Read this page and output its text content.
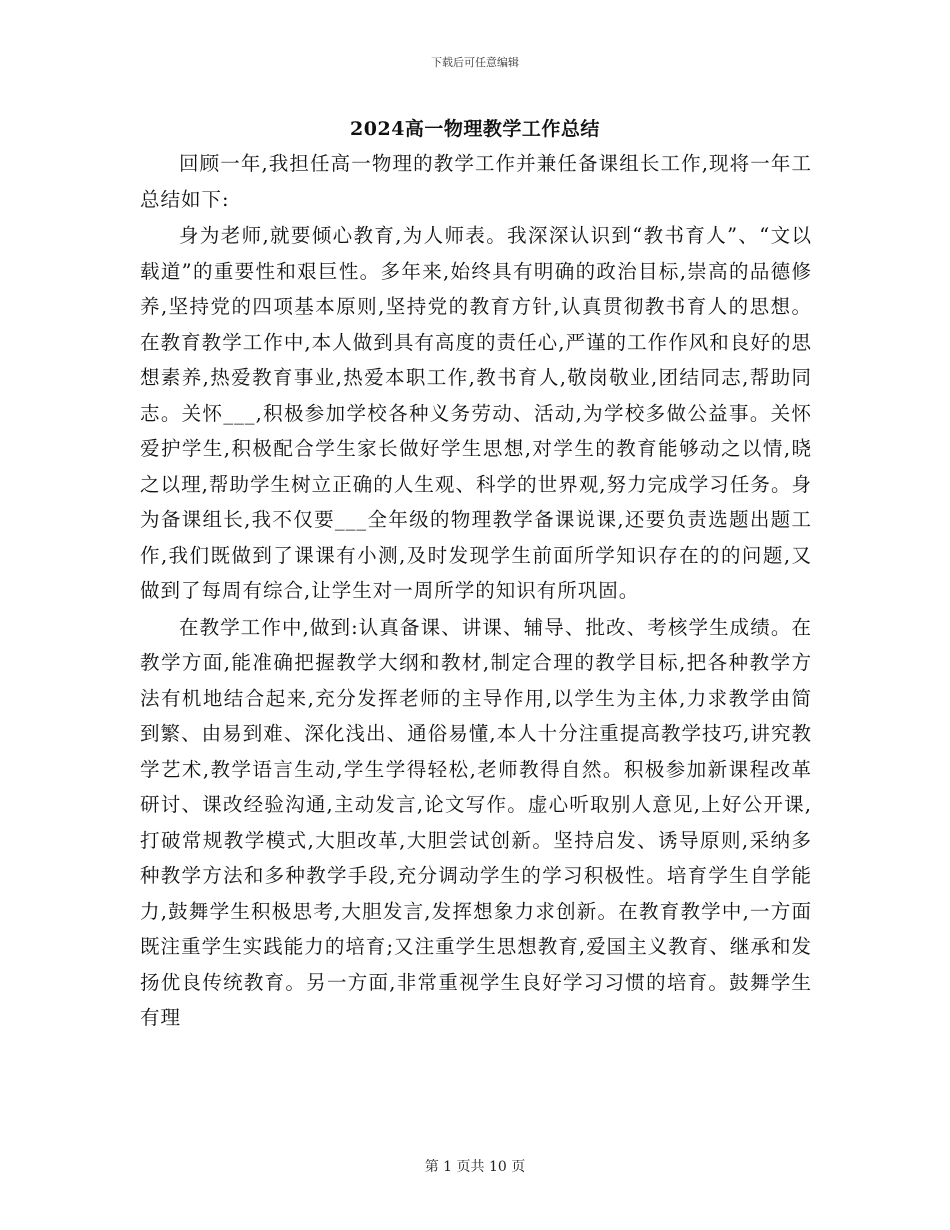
下载后可任意编辑
2024高一物理教学工作总结

回顾一年,我担任高一物理的教学工作并兼任备课组长工作,现将一年工总结如下:

身为老师,就要倾心教育,为人师表。我深深认识到“教书育人”、“文以载道”的重要性和艰巨性。多年来,始终具有明确的政治目标,崇高的品德修养,坚持党的四项基本原则,坚持党的教育方针,认真贯彻教书育人的思想。在教育教学工作中,本人做到具有高度的责任心,严谨的工作作风和良好的思想素养,热爱教育事业,热爱本职工作,教书育人,敬岗敬业,团结同志,帮助同志。关怀___,积极参加学校各种义务劳动、活动,为学校多做公益事。关怀爱护学生,积极配合学生家长做好学生思想,对学生的教育能够动之以情,晓之以理,帮助学生树立正确的人生观、科学的世界观,努力完成学习任务。身为备课组长,我不仅要___全年级的物理教学备课说课,还要负责选题出题工作,我们既做到了课课有小测,及时发现学生前面所学知识存在的的问题,又做到了每周有综合,让学生对一周所学的知识有所巩固。

在教学工作中,做到:认真备课、讲课、辅导、批改、考核学生成绩。在教学方面,能准确把握教学大纲和教材,制定合理的教学目标,把各种教学方法有机地结合起来,充分发挥老师的主导作用,以学生为主体,力求教学由简到繁、由易到难、深化浅出、通俗易懂,本人十分注重提高教学技巧,讲究教学艺术,教学语言生动,学生学得轻松,老师教得自然。积极参加新课程改革研讨、课改经验沟通,主动发言,论文写作。虚心听取别人意见,上好公开课,打破常规教学模式,大胆改革,大胆尝试创新。坚持启发、诱导原则,采纳多种教学方法和多种教学手段,充分调动学生的学习积极性。培育学生自学能力,鼓舞学生积极思考,大胆发言,发挥想象力求创新。在教育教学中,一方面既注重学生实践能力的培育;又注重学生思想教育,爱国主义教育、继承和发扬优良传统教育。另一方面,非常重视学生良好学习习惯的培育。鼓舞学生有理

第 1 页共 10 页
